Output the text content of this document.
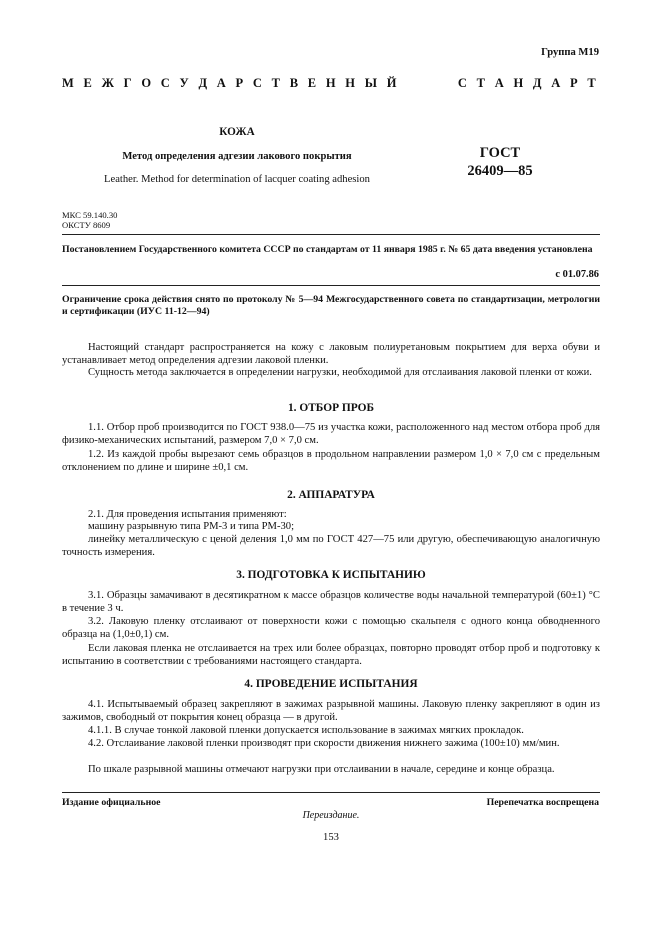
Группа М19
М Е Ж Г О С У Д А Р С Т В Е Н Н Ы Й	С Т А Н Д А Р Т
КОЖА
Метод определения адгезии лакового покрытия
Leather. Method for determination of lacquer coating adhesion
ГОСТ
26409—85
МКС 59.140.30
ОКСТУ 8609

Постановлением Государственного комитета СССР по стандартам от 11 января 1985 г. № 65 дата введения установлена

с 01.07.86

Ограничение срока действия снято по протоколу № 5—94 Межгосударственного совета по стандартизации, метрологии и сертификации (ИУС 11-12—94)

Настоящий стандарт распространяется на кожу с лаковым полиуретановым покрытием для верха обуви и устанавливает метод определения адгезии лаковой пленки.

Сущность метода заключается в определении нагрузки, необходимой для отслаивания лаковой пленки от кожи.

1. ОТБОР ПРОБ

1.1. Отбор проб производится по ГОСТ 938.0—75 из участка кожи, расположенного над местом отбора проб для физико-механических испытаний, размером 7,0 × 7,0 см.

1.2. Из каждой пробы вырезают семь образцов в продольном направлении размером 1,0 × 7,0 см с предельным отклонением по длине и ширине ±0,1 см.

2. АППАРАТУРА

2.1. Для проведения испытания применяют:

машину разрывную типа РМ-3 и типа РМ-30;

линейку металлическую с ценой деления 1,0 мм по ГОСТ 427—75 или другую, обеспечивающую аналогичную точность измерения.

3. ПОДГОТОВКА К ИСПЫТАНИЮ

3.1. Образцы замачивают в десятикратном к массе образцов количестве воды начальной температурой (60±1) °С в течение 3 ч.

3.2. Лаковую пленку отслаивают от поверхности кожи с помощью скальпеля с одного конца обводненного образца на (1,0±0,1) см.

Если лаковая пленка не отслаивается на трех или более образцах, повторно проводят отбор проб и подготовку к испытанию в соответствии с требованиями настоящего стандарта.

4. ПРОВЕДЕНИЕ ИСПЫТАНИЯ

4.1. Испытываемый образец закрепляют в зажимах разрывной машины. Лаковую пленку закрепляют в один из зажимов, свободный от покрытия конец образца — в другой.

4.1.1. В случае тонкой лаковой пленки допускается использование в зажимах мягких прокладок.

4.2. Отслаивание лаковой пленки производят при скорости движения нижнего зажима (100±10) мм/мин.

По шкале разрывной машины отмечают нагрузки при отслаивании в начале, середине и конце образца.

Издание официальное	Перепечатка воспрещена
Переиздание.
153
